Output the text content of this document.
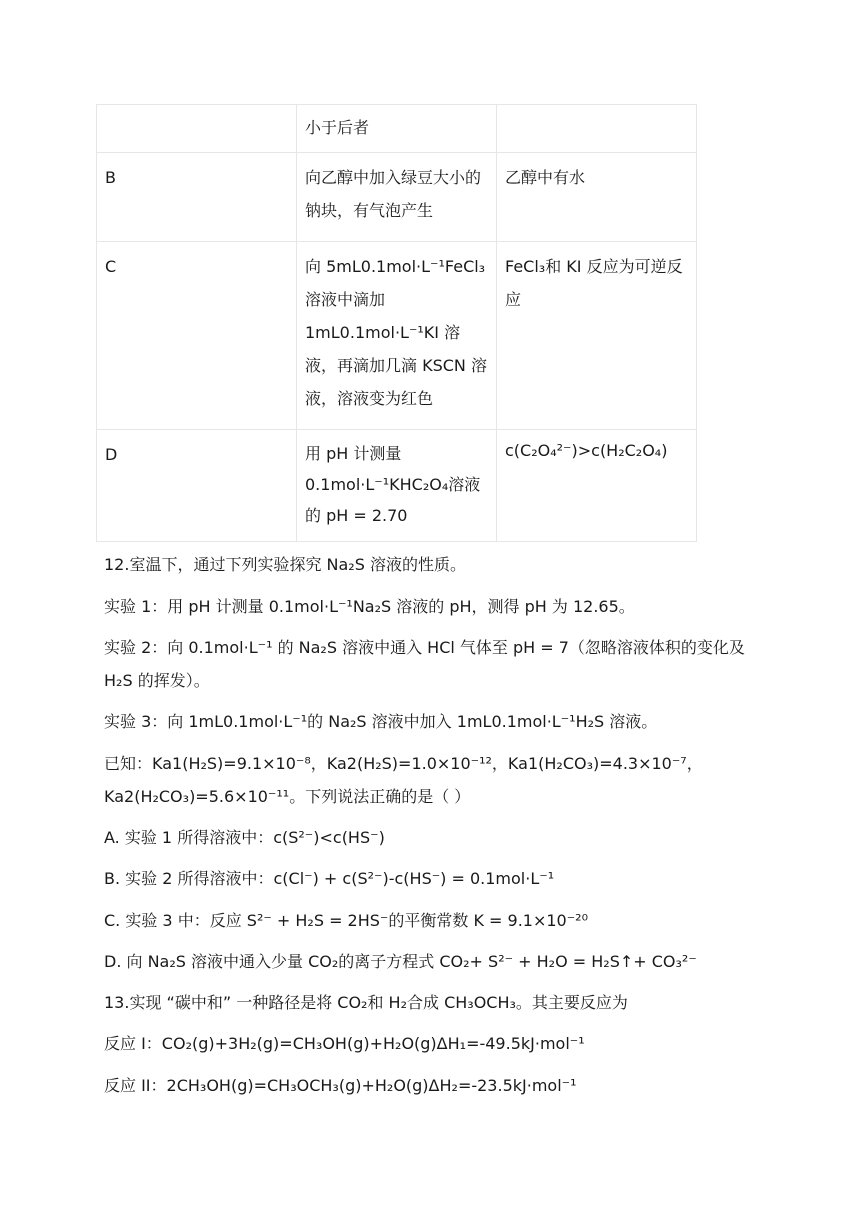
	小于后者	
B	向乙醇中加入绿豆大小的钠块，有气泡产生	乙醇中有水
C	向 5mL0.1mol·L⁻¹FeCl₃溶液中滴加 1mL0.1mol·L⁻¹KI 溶液，再滴加几滴 KSCN 溶液，溶液变为红色	FeCl₃和 KI 反应为可逆反应
D	用 pH 计测量 0.1mol·L⁻¹KHC₂O₄溶液的 pH = 2.70	c(C₂O₄²⁻)>c(H₂C₂O₄)

12.室温下，通过下列实验探究 Na₂S 溶液的性质。

实验 1：用 pH 计测量 0.1mol·L⁻¹Na₂S 溶液的 pH，测得 pH 为 12.65。

实验 2：向 0.1mol·L⁻¹ 的 Na₂S 溶液中通入 HCl 气体至 pH = 7（忽略溶液体积的变化及 H₂S 的挥发）。

实验 3：向 1mL0.1mol·L⁻¹的 Na₂S 溶液中加入 1mL0.1mol·L⁻¹H₂S 溶液。

已知：Ka1(H₂S)=9.1×10⁻⁸，Ka2(H₂S)=1.0×10⁻¹²，Ka1(H₂CO₃)=4.3×10⁻⁷，Ka2(H₂CO₃)=5.6×10⁻¹¹。下列说法正确的是（ ）

A. 实验 1 所得溶液中：c(S²⁻)<c(HS⁻)

B. 实验 2 所得溶液中：c(Cl⁻) + c(S²⁻)-c(HS⁻) = 0.1mol·L⁻¹

C. 实验 3 中：反应 S²⁻ + H₂S = 2HS⁻的平衡常数 K = 9.1×10⁻²⁰

D. 向 Na₂S 溶液中通入少量 CO₂的离子方程式 CO₂+ S²⁻ + H₂O = H₂S↑+ CO₃²⁻

13.实现 “碳中和” 一种路径是将 CO₂和 H₂合成 CH₃OCH₃。其主要反应为

反应 I：CO₂(g)+3H₂(g)=CH₃OH(g)+H₂O(g)ΔH₁=-49.5kJ·mol⁻¹

反应 II：2CH₃OH(g)=CH₃OCH₃(g)+H₂O(g)ΔH₂=-23.5kJ·mol⁻¹
